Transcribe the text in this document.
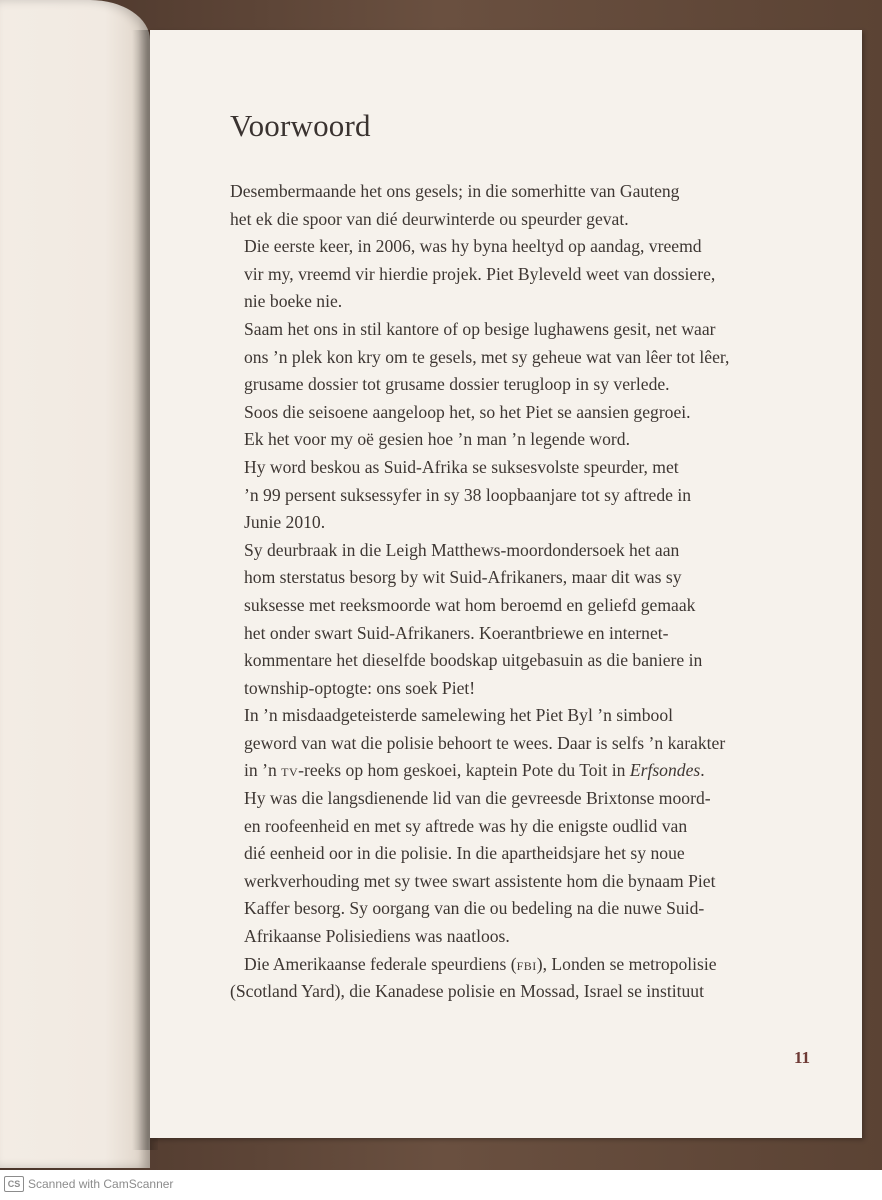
Voorwoord

Desembermaande het ons gesels; in die somerhitte van Gauteng
het ek die spoor van dié deurwinterde ou speurder gevat.

Die eerste keer, in 2006, was hy byna heeltyd op aandag, vreemd
vir my, vreemd vir hierdie projek. Piet Byleveld weet van dossiere,
nie boeke nie.

Saam het ons in stil kantore of op besige lughawens gesit, net waar
ons ’n plek kon kry om te gesels, met sy geheue wat van lêer tot lêer,
grusame dossier tot grusame dossier terugloop in sy verlede.

Soos die seisoene aangeloop het, so het Piet se aansien gegroei.
Ek het voor my oë gesien hoe ’n man ’n legende word.

Hy word beskou as Suid-Afrika se suksesvolste speurder, met
’n 99 persent suksessyfer in sy 38 loopbaanjare tot sy aftrede in
Junie 2010.

Sy deurbraak in die Leigh Matthews-moordondersoek het aan
hom sterstatus besorg by wit Suid-Afrikaners, maar dit was sy
suksesse met reeksmoorde wat hom beroemd en geliefd gemaak
het onder swart Suid-Afrikaners. Koerantbriewe en internet-
kommentare het dieselfde boodskap uitgebasuin as die baniere in
township-optogte: ons soek Piet!

In ’n misdaadgeteisterde samelewing het Piet Byl ’n simbool
geword van wat die polisie behoort te wees. Daar is selfs ’n karakter
in ’n tv-reeks op hom geskoei, kaptein Pote du Toit in Erfsondes.

Hy was die langsdienende lid van die gevreesde Brixtonse moord-
en roofeenheid en met sy aftrede was hy die enigste oudlid van
dié eenheid oor in die polisie. In die apartheidsjare het sy noue
werkverhouding met sy twee swart assistente hom die bynaam Piet
Kaffer besorg. Sy oorgang van die ou bedeling na die nuwe Suid-
Afrikaanse Polisiediens was naatloos.

Die Amerikaanse federale speurdiens (fbi), Londen se metropolisie
(Scotland Yard), die Kanadese polisie en Mossad, Israel se instituut

11
CS Scanned with CamScanner
